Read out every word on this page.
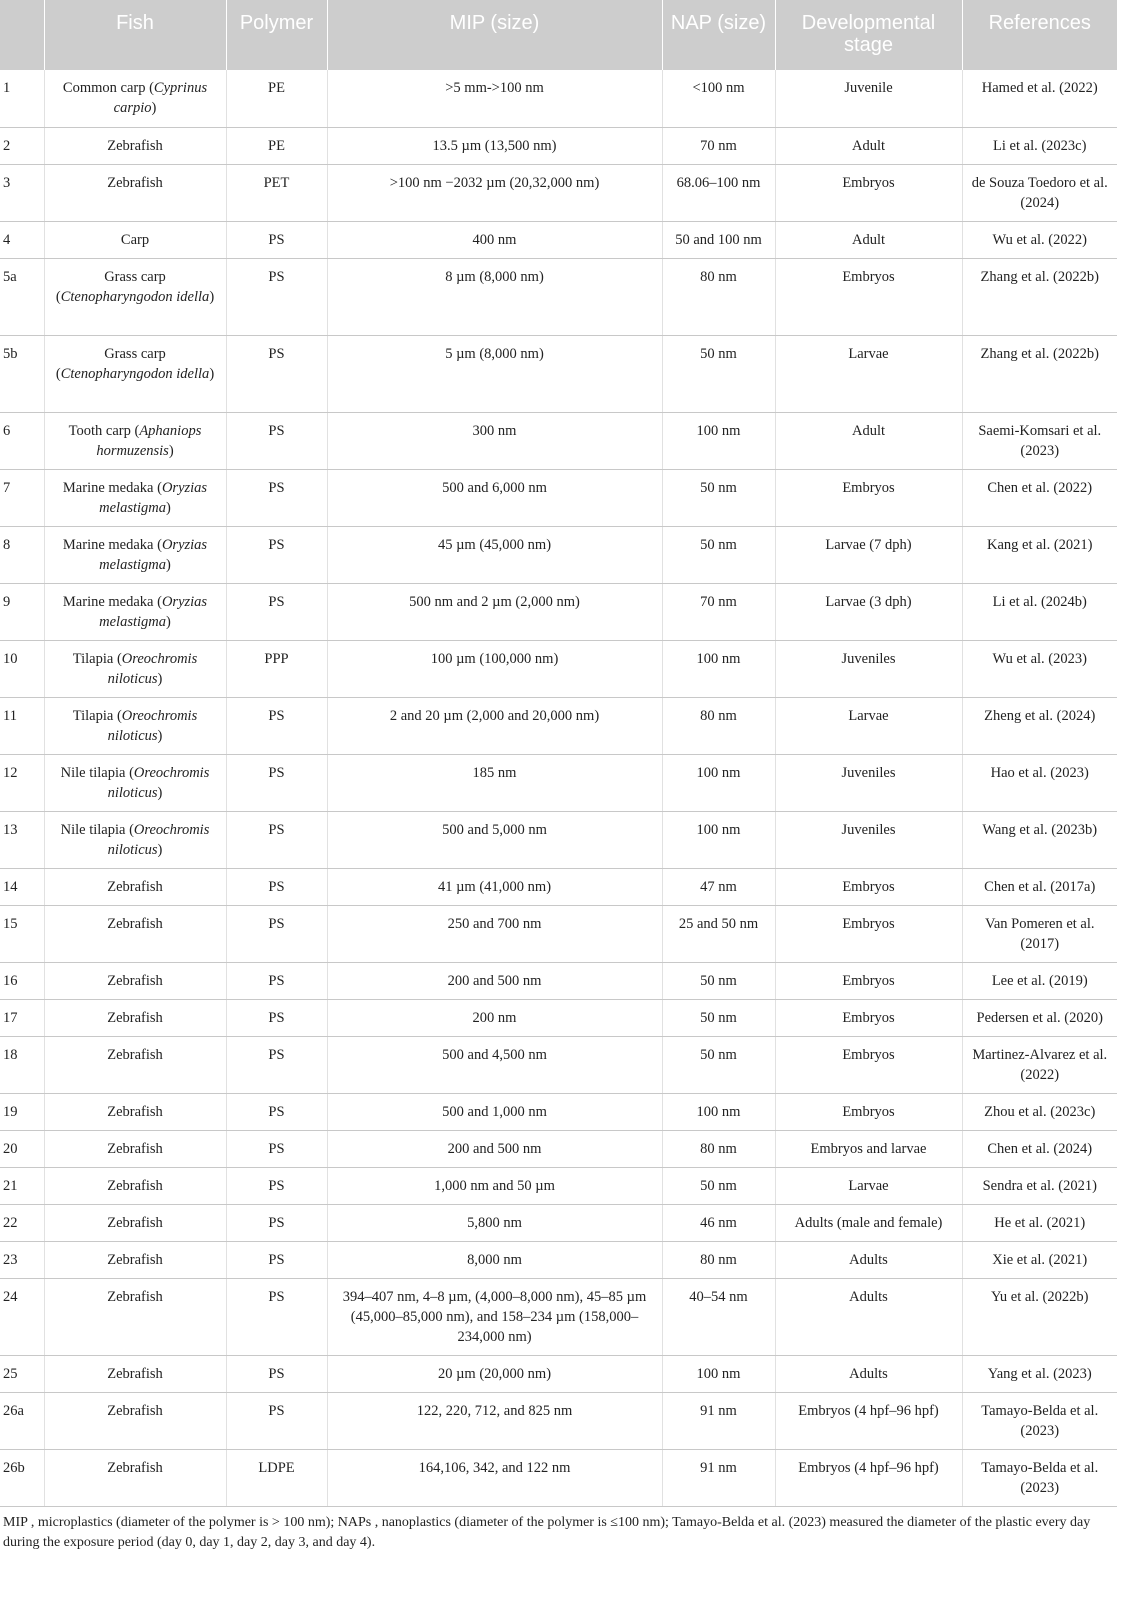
	Fish	Polymer	MIP (size)	NAP (size)	Developmental stage	References
1	Common carp (Cyprinus carpio)	PE	>5 mm->100 nm	<100 nm	Juvenile	Hamed et al. (2022)
2	Zebrafish	PE	13.5 µm (13,500 nm)	70 nm	Adult	Li et al. (2023c)
3	Zebrafish	PET	>100 nm −2032 µm (20,32,000 nm)	68.06–100 nm	Embryos	de Souza Toedoro et al. (2024)
4	Carp	PS	400 nm	50 and 100 nm	Adult	Wu et al. (2022)
5a	Grass carp (Ctenopharyngodon idella)	PS	8 µm (8,000 nm)	80 nm	Embryos	Zhang et al. (2022b)
5b	Grass carp (Ctenopharyngodon idella)	PS	5 µm (8,000 nm)	50 nm	Larvae	Zhang et al. (2022b)
6	Tooth carp (Aphaniops hormuzensis)	PS	300 nm	100 nm	Adult	Saemi-Komsari et al. (2023)
7	Marine medaka (Oryzias melastigma)	PS	500 and 6,000 nm	50 nm	Embryos	Chen et al. (2022)
8	Marine medaka (Oryzias melastigma)	PS	45 µm (45,000 nm)	50 nm	Larvae (7 dph)	Kang et al. (2021)
9	Marine medaka (Oryzias melastigma)	PS	500 nm and 2 µm (2,000 nm)	70 nm	Larvae (3 dph)	Li et al. (2024b)
10	Tilapia (Oreochromis niloticus)	PPP	100 µm (100,000 nm)	100 nm	Juveniles	Wu et al. (2023)
11	Tilapia (Oreochromis niloticus)	PS	2 and 20 µm (2,000 and 20,000 nm)	80 nm	Larvae	Zheng et al. (2024)
12	Nile tilapia (Oreochromis niloticus)	PS	185 nm	100 nm	Juveniles	Hao et al. (2023)
13	Nile tilapia (Oreochromis niloticus)	PS	500 and 5,000 nm	100 nm	Juveniles	Wang et al. (2023b)
14	Zebrafish	PS	41 µm (41,000 nm)	47 nm	Embryos	Chen et al. (2017a)
15	Zebrafish	PS	250 and 700 nm	25 and 50 nm	Embryos	Van Pomeren et al. (2017)
16	Zebrafish	PS	200 and 500 nm	50 nm	Embryos	Lee et al. (2019)
17	Zebrafish	PS	200 nm	50 nm	Embryos	Pedersen et al. (2020)
18	Zebrafish	PS	500 and 4,500 nm	50 nm	Embryos	Martinez-Alvarez et al. (2022)
19	Zebrafish	PS	500 and 1,000 nm	100 nm	Embryos	Zhou et al. (2023c)
20	Zebrafish	PS	200 and 500 nm	80 nm	Embryos and larvae	Chen et al. (2024)
21	Zebrafish	PS	1,000 nm and 50 µm	50 nm	Larvae	Sendra et al. (2021)
22	Zebrafish	PS	5,800 nm	46 nm	Adults (male and female)	He et al. (2021)
23	Zebrafish	PS	8,000 nm	80 nm	Adults	Xie et al. (2021)
24	Zebrafish	PS	394–407 nm, 4–8 µm, (4,000–8,000 nm), 45–85 µm (45,000–85,000 nm), and 158–234 µm (158,000–234,000 nm)	40–54 nm	Adults	Yu et al. (2022b)
25	Zebrafish	PS	20 µm (20,000 nm)	100 nm	Adults	Yang et al. (2023)
26a	Zebrafish	PS	122, 220, 712, and 825 nm	91 nm	Embryos (4 hpf–96 hpf)	Tamayo-Belda et al. (2023)
26b	Zebrafish	LDPE	164,106, 342, and 122 nm	91 nm	Embryos (4 hpf–96 hpf)	Tamayo-Belda et al. (2023)
MIP , microplastics (diameter of the polymer is > 100 nm); NAPs , nanoplastics (diameter of the polymer is ≤100 nm); Tamayo-Belda et al. (2023) measured the diameter of the plastic every day during the exposure period (day 0, day 1, day 2, day 3, and day 4).
